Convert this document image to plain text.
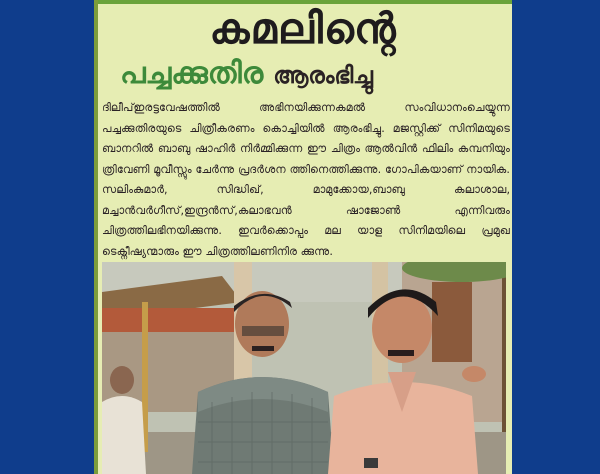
കമലിന്റെ
പച്ചക്കുതിര ആരംഭിച്ചു
ദിലീപ്ഇരട്ടവേഷത്തിൽ അഭിനയിക്കുന്നകമൽ സംവിധാനംചെയ്യുന്ന പച്ചക്കുതിരയുടെ ചിത്രീകരണം കൊച്ചിയിൽ ആരംഭിച്ചു. മജസ്റ്റിക്ക് സിനിമയുടെ ബാനറിൽ ബാബു ഷാഹിർ നിർമ്മിക്കുന്ന ഈ ചിത്രം ആൽവിൻ ഫിലിം കമ്പനിയും ത്രിവേണി മൂവീസ്സും ചേർന്നു പ്രദർശന ത്തിനെത്തിക്കുന്നു. ഗോപികയാണ് നായിക. സലിംകുമാർ, സിദ്ധിഖ്, മാമുക്കോയ,ബാബു കലാശാല, മച്ചാൻവർഗീസ്,ഇന്ദ്രൻസ്,കലാഭവൻ ഷാജോൺ എന്നിവരും ചിത്രത്തിലഭിനയിക്കുന്നു. ഇവർക്കൊപ്പം മല യാള സിനിമയിലെ പ്രമുഖ ടെക്നീഷ്യന്മാരും ഈ ചിത്രത്തിലണിനിര ക്കുന്നു.
